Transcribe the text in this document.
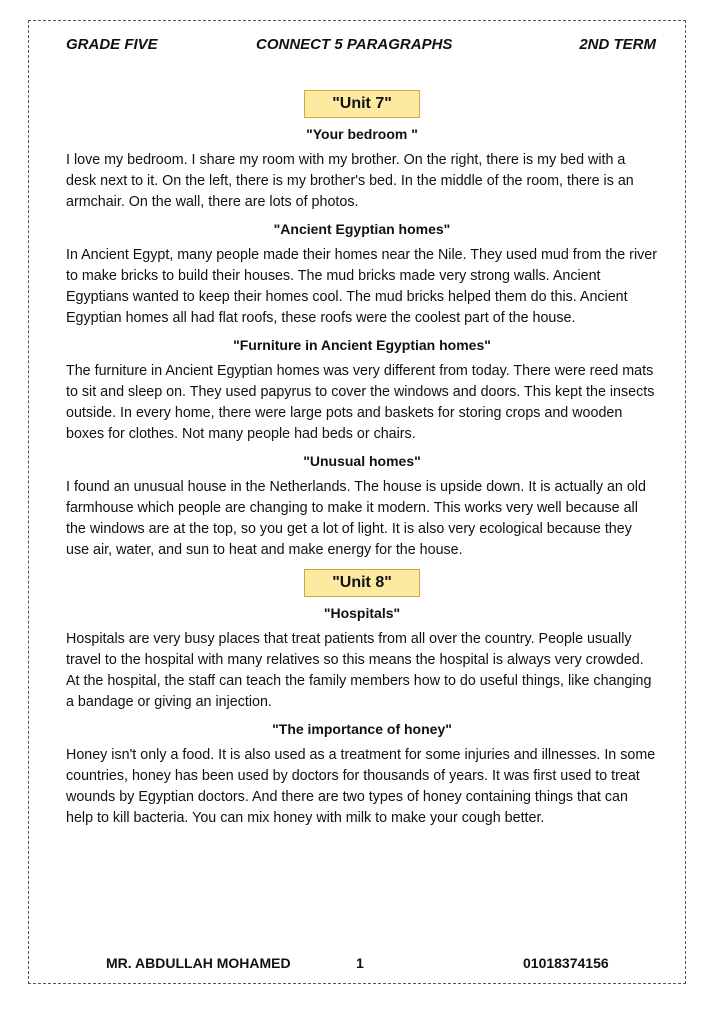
GRADE FIVE	CONNECT 5 PARAGRAPHS	2ND TERM
"Unit 7"
"Your bedroom "

I love my bedroom. I share my room with my brother. On the right, there is my bed with a desk next to it. On the left, there is my brother's bed. In the middle of the room, there is an armchair. On the wall, there are lots of photos.

"Ancient Egyptian homes"

In Ancient Egypt, many people made their homes near the Nile. They used mud from the river to make bricks to build their houses. The mud bricks made very strong walls. Ancient Egyptians wanted to keep their homes cool. The mud bricks helped them do this. Ancient Egyptian homes all had flat roofs, these roofs were the coolest part of the house.

"Furniture in Ancient Egyptian homes"

The furniture in Ancient Egyptian homes was very different from today. There were reed mats to sit and sleep on. They used papyrus to cover the windows and doors. This kept the insects outside. In every home, there were large pots and baskets for storing crops and wooden boxes for clothes. Not many people had beds or chairs.

"Unusual homes"

I found an unusual house in the Netherlands. The house is upside down. It is actually an old farmhouse which people are changing to make it modern. This works very well because all the windows are at the top, so you get a lot of light. It is also very ecological because they use air, water, and sun to heat and make energy for the house.

"Unit 8"
"Hospitals"

Hospitals are very busy places that treat patients from all over the country. People usually travel to the hospital with many relatives so this means the hospital is always very crowded. At the hospital, the staff can teach the family members how to do useful things, like changing a bandage or giving an injection.

"The importance of honey"

Honey isn't only a food. It is also used as a treatment for some injuries and illnesses. In some countries, honey has been used by doctors for thousands of years. It was first used to treat wounds by Egyptian doctors. And there are two types of honey containing things that can help to kill bacteria. You can mix honey with milk to make your cough better.

MR. ABDULLAH MOHAMED	1	01018374156
